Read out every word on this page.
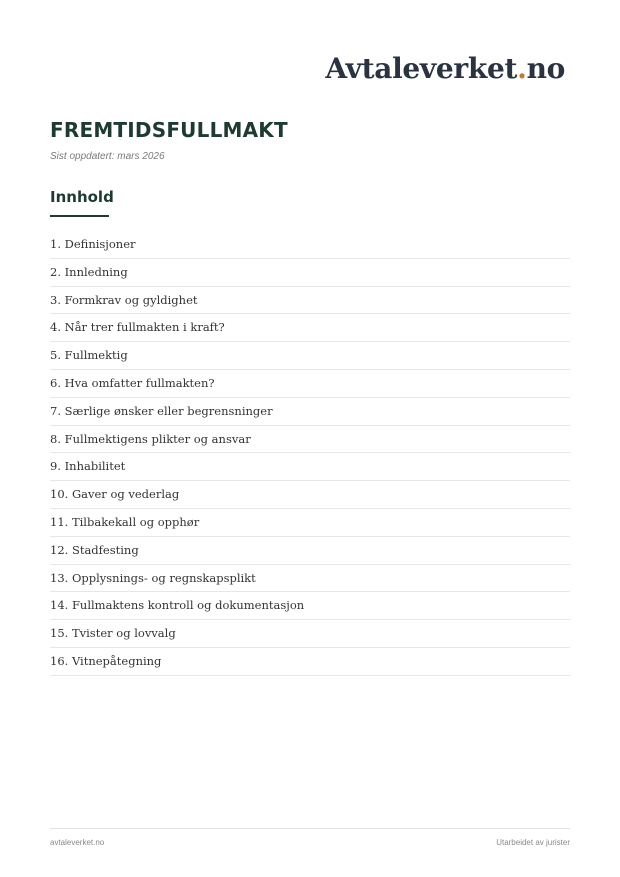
Avtaleverket.no
FREMTIDSFULLMAKT
Sist oppdatert: mars 2026
Innhold
1. Definisjoner
2. Innledning
3. Formkrav og gyldighet
4. Når trer fullmakten i kraft?
5. Fullmektig
6. Hva omfatter fullmakten?
7. Særlige ønsker eller begrensninger
8. Fullmektigens plikter og ansvar
9. Inhabilitet
10. Gaver og vederlag
11. Tilbakekall og opphør
12. Stadfesting
13. Opplysnings- og regnskapsplikt
14. Fullmaktens kontroll og dokumentasjon
15. Tvister og lovvalg
16. Vitnepåtegning
avtaleverket.no	Utarbeidet av jurister
